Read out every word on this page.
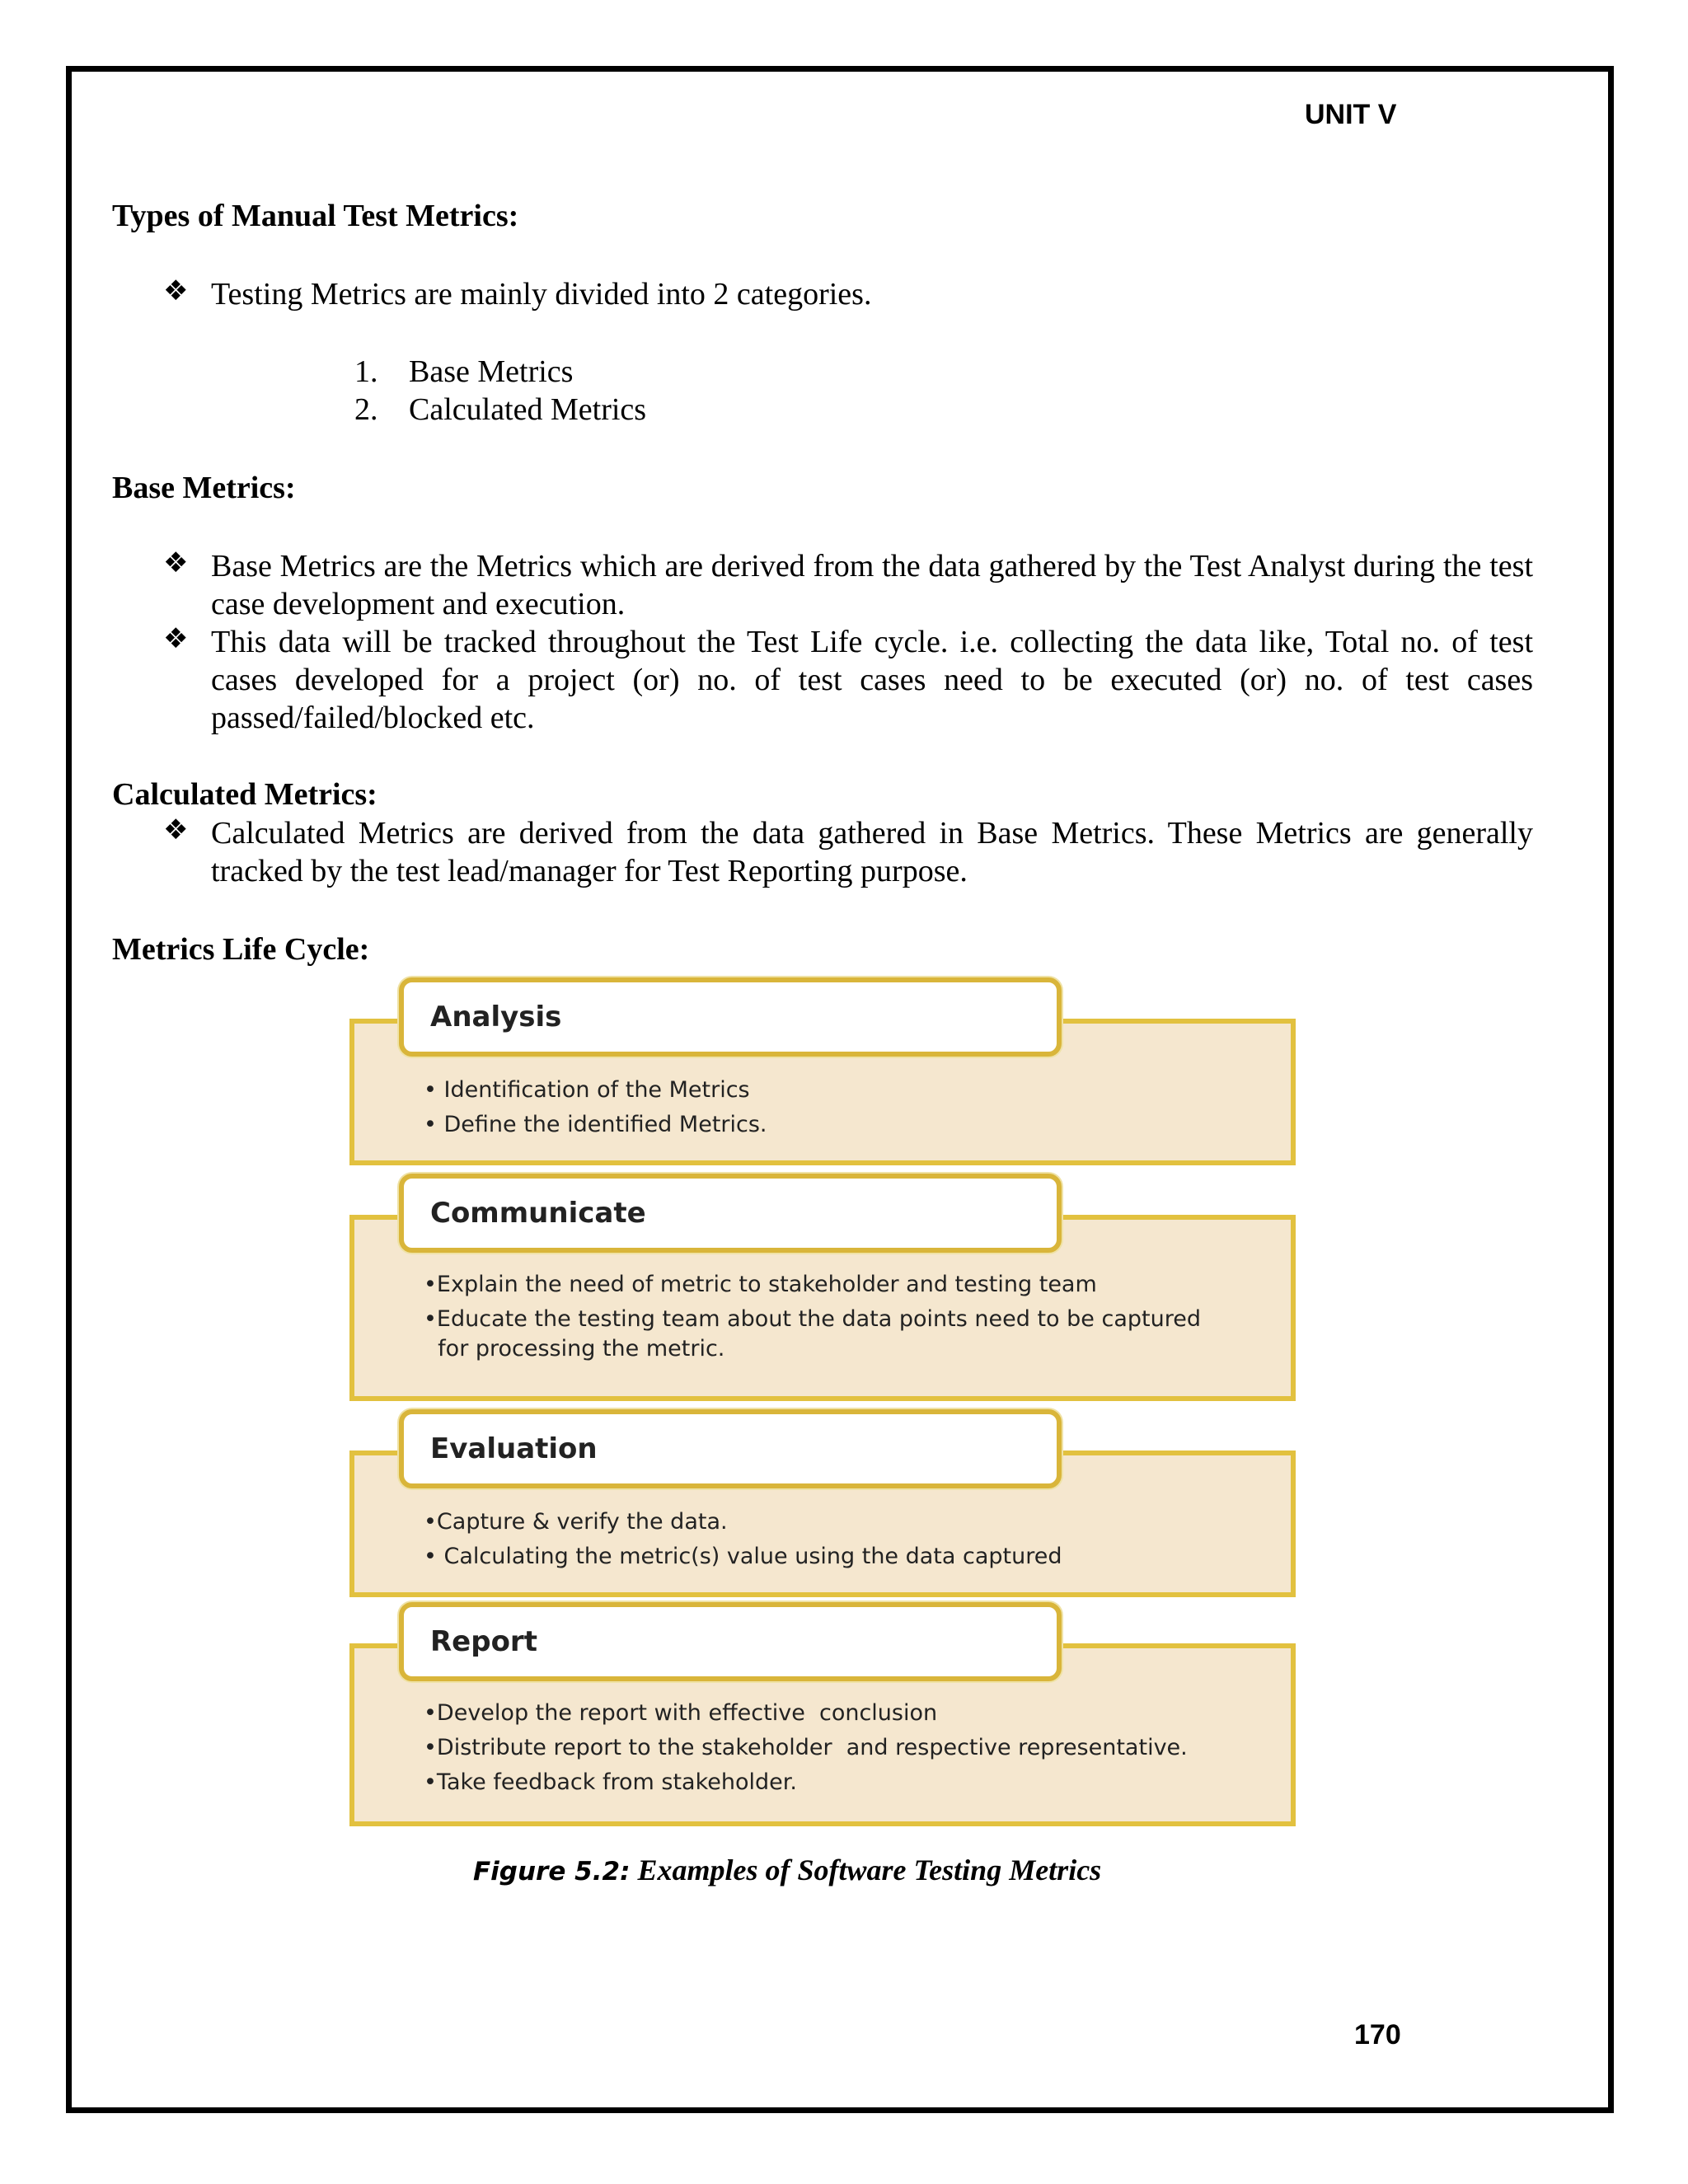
UNIT V
Types of Manual Test Metrics:
❖ Testing Metrics are mainly divided into 2 categories.
1. Base Metrics
2. Calculated Metrics
Base Metrics:
❖ Base Metrics are the Metrics which are derived from the data gathered by the Test Analyst during the test case development and execution.
❖ This data will be tracked throughout the Test Life cycle. i.e. collecting the data like, Total no. of test cases developed for a project (or) no. of test cases need to be executed (or) no. of test cases passed/failed/blocked etc.
Calculated Metrics:
❖ Calculated Metrics are derived from the data gathered in Base Metrics. These Metrics are generally tracked by the test lead/manager for Test Reporting purpose.
Metrics Life Cycle:
Analysis
• Identification of the Metrics
• Define the identified Metrics.
Communicate
•Explain the need of metric to stakeholder and testing team
•Educate the testing team about the data points need to be captured
for processing the metric.
Evaluation
•Capture & verify the data.
• Calculating the metric(s) value using the data captured
Report
•Develop the report with effective  conclusion
•Distribute report to the stakeholder  and respective representative.
•Take feedback from stakeholder.
Figure 5.2: Examples of Software Testing Metrics
170
